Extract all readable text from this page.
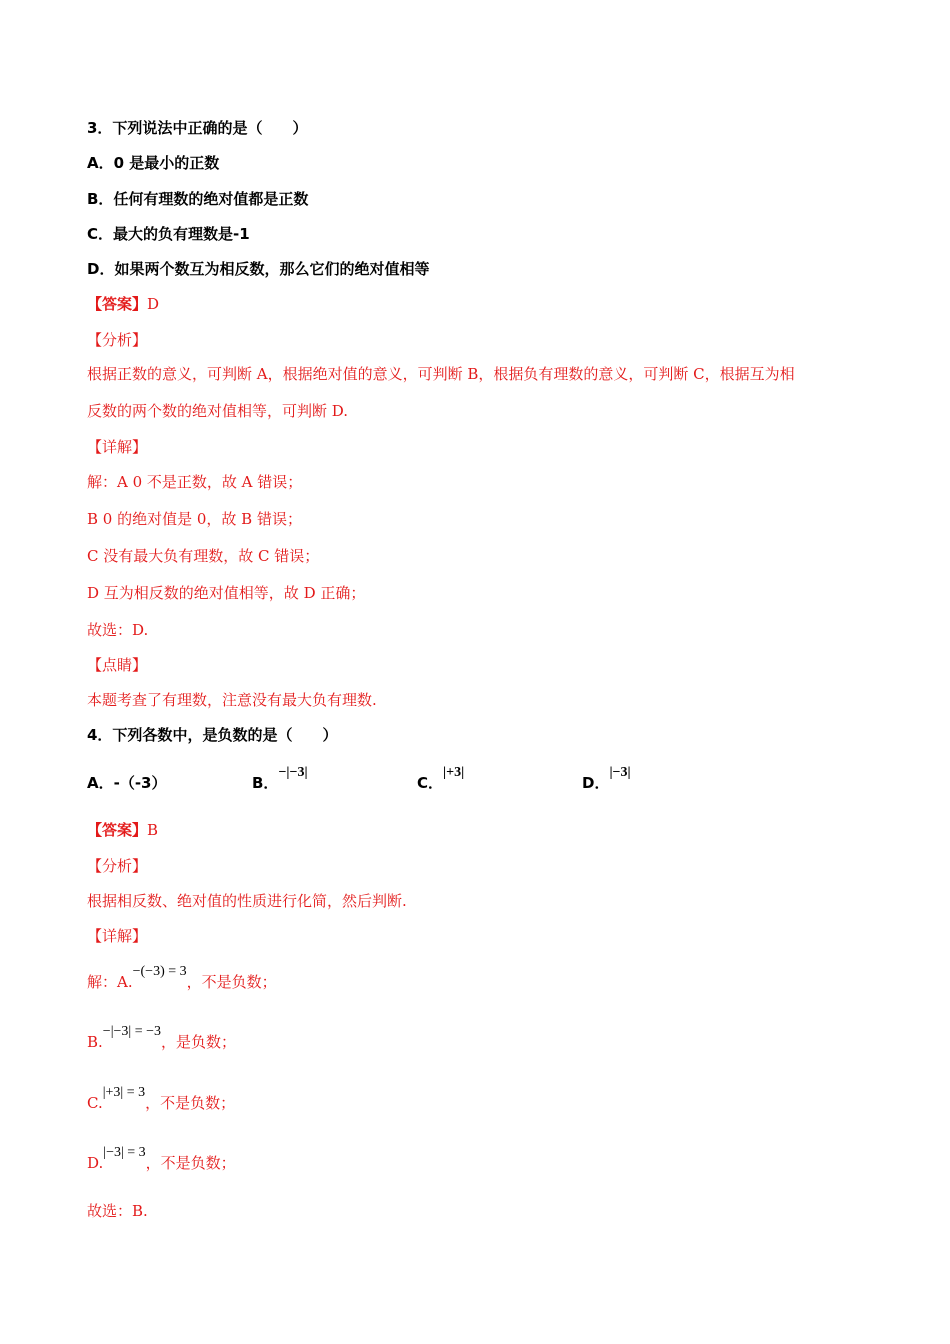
3．下列说法中正确的是（　　）
A．0 是最小的正数
B．任何有理数的绝对值都是正数
C．最大的负有理数是-1
D．如果两个数互为相反数，那么它们的绝对值相等
【答案】D
【分析】
根据正数的意义，可判断 A，根据绝对值的意义，可判断 B，根据负有理数的意义，可判断 C，根据互为相
反数的两个数的绝对值相等，可判断 D.
【详解】
解：A 0 不是正数，故 A 错误；
B 0 的绝对值是 0，故 B 错误；
C 没有最大负有理数，故 C 错误；
D 互为相反数的绝对值相等，故 D 正确；
故选：D.
【点睛】
本题考查了有理数，注意没有最大负有理数.
4．下列各数中，是负数的是（　　）
A．-（-3）	B．−|−3|
C．|+3|
D．|−3|
【答案】B
【分析】
根据相反数、绝对值的性质进行化简，然后判断.
【详解】
解：A.−(−3) = 3，不是负数；
B.−|−3| = −3，是负数；
C.|+3| = 3，不是负数；
D.|−3| = 3，不是负数；
故选：B.
